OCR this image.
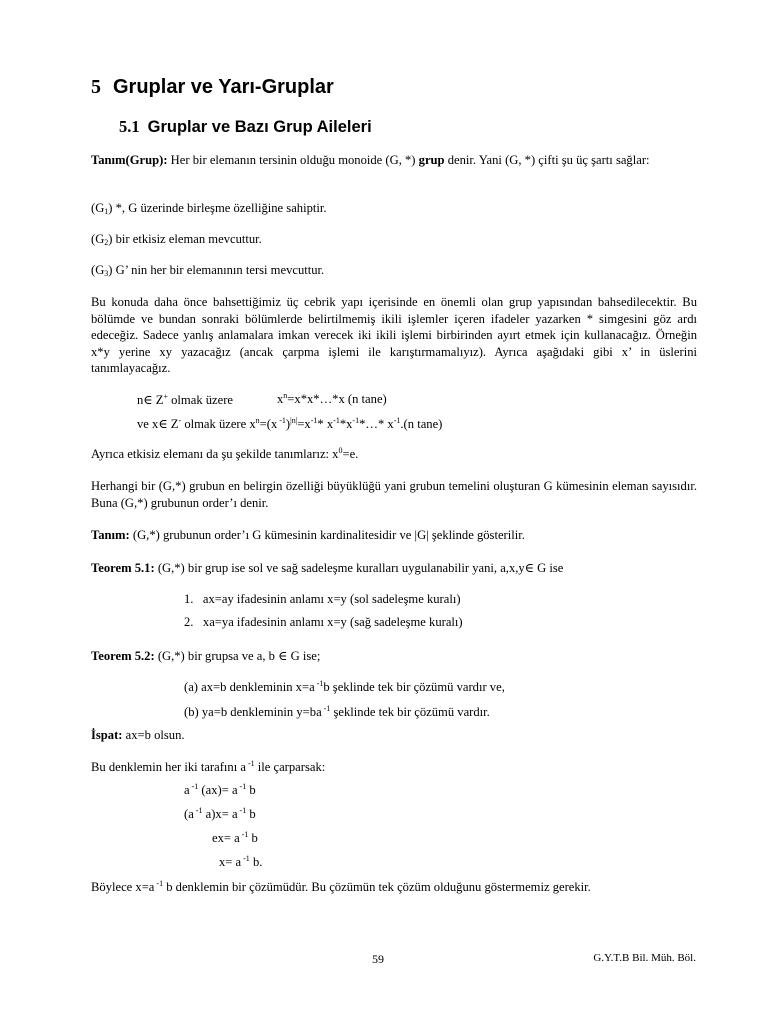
5 Gruplar ve Yarı-Gruplar
5.1 Gruplar ve Bazı Grup Aileleri
Tanım(Grup): Her bir elemanın tersinin olduğu monoide (G, *) grup denir. Yani (G, *) çifti şu üç şartı sağlar:
$(G_1)$ *, G üzerinde birleşme özelliğine sahiptir.
$(G_2)$ bir etkisiz eleman mevcuttur.
$(G_3)$ G’ nin her bir elemanının tersi mevcuttur.
Bu konuda daha önce bahsettiğimiz üç cebrik yapı içerisinde en önemli olan grup yapısından bahsedilecektir. Bu bölümde ve bundan sonraki bölümlerde belirtilmemiş ikili işlemler içeren ifadeler yazarken * simgesini göz ardı edeceğiz. Sadece yanlış anlamalara imkan verecek iki ikili işlemi birbirinden ayırt etmek için kullanacağız. Örneğin x*y yerine xy yazacağız (ancak çarpma işlemi ile karıştırmamalıyız). Ayrıca aşağıdaki gibi x’ in üslerini tanımlayacağız.
n∈ Z+ olmak üzere	$x^n=x*x*\dots*x$ (n tane)
ve x∈ Z- olmak üzere $x^n=(x$ $^{-1})^{|n|}=x^{-1}*$ $x^{-1}*x^{-1}*\dots*$ $x^{-1}.(n$ tane)
Ayrıca etkisiz elemanı da şu şekilde tanımlarız: $x^0=e$.
Herhangi bir (G,*) grubun en belirgin özelliği büyüklüğü yani grubun temelini oluşturan G kümesinin eleman sayısıdır. Buna (G,*) grubunun order’ı denir.
Tanım: (G,*) grubunun order’ı G kümesinin kardinalitesidir ve |G| şeklinde gösterilir.
Teorem 5.1: (G,*) bir grup ise sol ve sağ sadeleşme kuralları uygulanabilir yani, a,x,y∈ G ise
1. ax=ay ifadesinin anlamı x=y (sol sadeleşme kuralı)
2. xa=ya ifadesinin anlamı x=y (sağ sadeleşme kuralı)
Teorem 5.2: (G,*) bir grupsa ve a, b ∈ G ise;
(a) ax=b denkleminin x=a $^{-1}$b şeklinde tek bir çözümü vardır ve,
(b) ya=b denkleminin y=ba $^{-1}$ şeklinde tek bir çözümü vardır.
İspat: ax=b olsun.
Bu denklemin her iki tarafını a $^{-1}$ ile çarparsak:
a $^{-1}$ (ax)= a $^{-1}$ b
(a $^{-1}$ a)x= a $^{-1}$ b
ex= a $^{-1}$ b
x= a $^{-1}$ b.
Böylece x=a $^{-1}$ b denklemin bir çözümüdür. Bu çözümün tek çözüm olduğunu göstermemiz gerekir.
59	G.Y.T.B Bil. Müh. Böl.
